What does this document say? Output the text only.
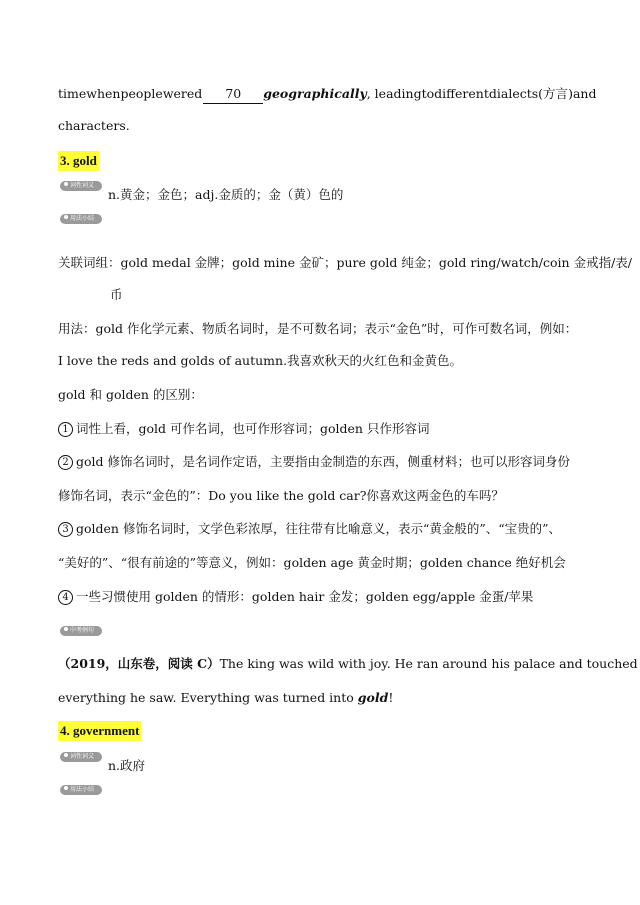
time when people were d 70	geographically , leading to different dialects(方言 ) and
characters.
3. gold
词性词义
n.黄金；金色；adj.金质的；金（黄）色的
用法小结
关联词组：gold medal 金牌；gold mine 金矿；pure gold 纯金；gold ring/watch/coin 金戒指/表/
币
用法：gold 作化学元素、物质名词时，是不可数名词；表示“金色”时，可作可数名词，例如：
I love the reds and golds of autumn.我喜欢秋天的火红色和金黄色。
gold 和 golden 的区别：
1 词性上看，gold 可作名词，也可作形容词；golden 只作形容词
2 gold 修饰名词时，是名词作定语，主要指由金制造的东西，侧重材料；也可以形容词身份
修饰名词，表示“金色的”：Do you like the gold car?你喜欢这两金色的车吗？
3 golden 修饰名词时，文学色彩浓厚，往往带有比喻意义，表示“黄金般的”、“宝贵的”、
“美好的”、“很有前途的”等意义，例如：golden age 黄金时期；golden chance 绝好机会
4 一些习惯使用 golden 的情形：golden hair 金发；golden egg/apple 金蛋/苹果
中考例句
（2019，山东卷，阅读 C）The king was wild with joy. He ran around his palace and touched
everything he saw. Everything was turned into gold!
4. government
词性词义
n.政府
用法小结
